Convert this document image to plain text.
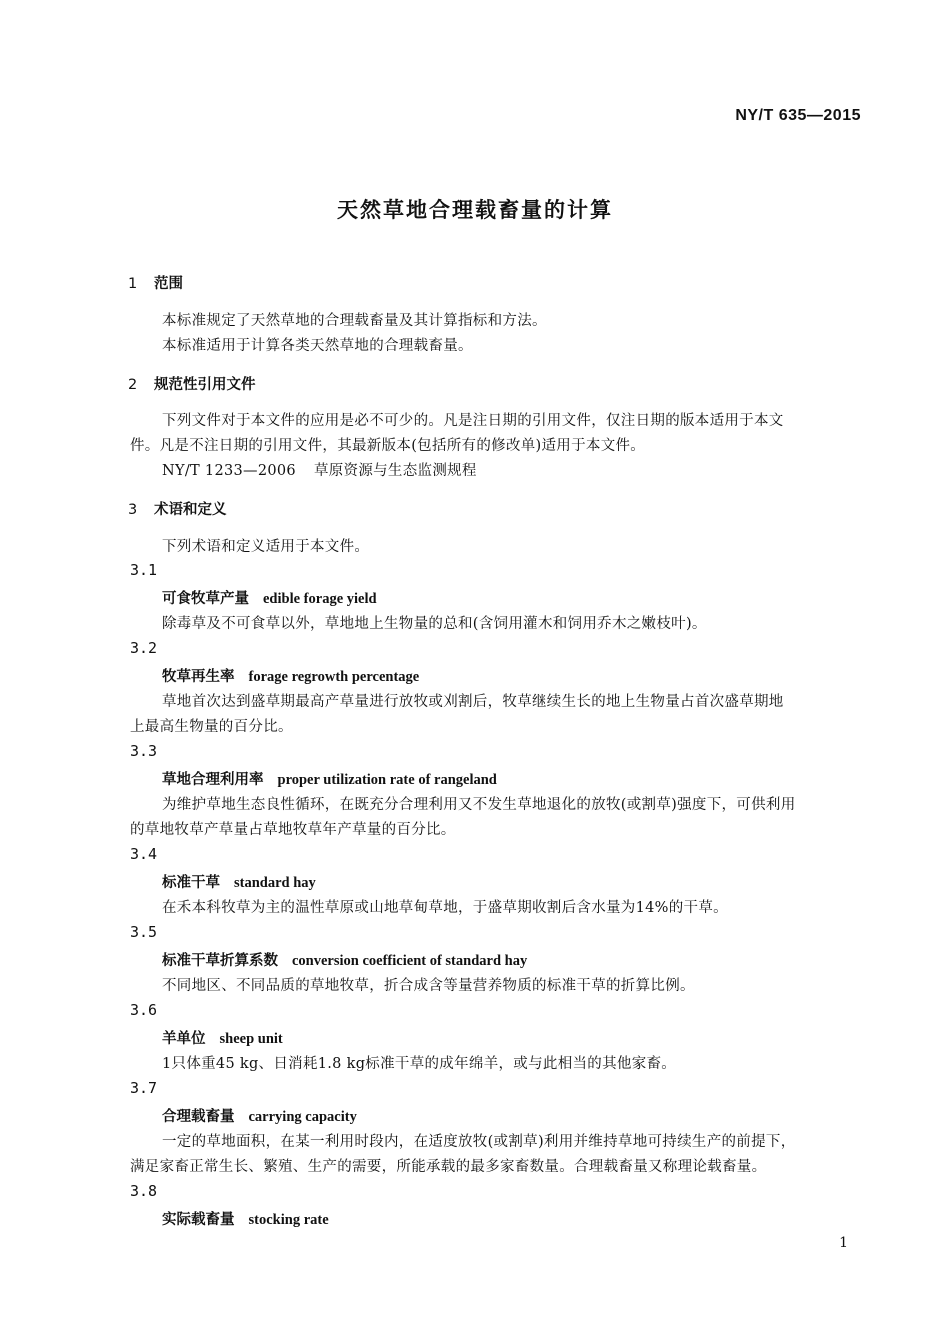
NY/T 635—2015
天然草地合理载畜量的计算
1 范围
本标准规定了天然草地的合理载畜量及其计算指标和方法。
本标准适用于计算各类天然草地的合理载畜量。
2 规范性引用文件
下列文件对于本文件的应用是必不可少的。凡是注日期的引用文件，仅注日期的版本适用于本文
件。凡是不注日期的引用文件，其最新版本(包括所有的修改单)适用于本文件。
NY/T 1233—2006 草原资源与生态监测规程
3 术语和定义
下列术语和定义适用于本文件。
3.1
可食牧草产量 edible forage yield
除毒草及不可食草以外，草地地上生物量的总和(含饲用灌木和饲用乔木之嫩枝叶)。
3.2
牧草再生率 forage regrowth percentage
草地首次达到盛草期最高产草量进行放牧或刈割后，牧草继续生长的地上生物量占首次盛草期地
上最高生物量的百分比。
3.3
草地合理利用率 proper utilization rate of rangeland
为维护草地生态良性循环，在既充分合理利用又不发生草地退化的放牧(或割草)强度下，可供利用
的草地牧草产草量占草地牧草年产草量的百分比。
3.4
标准干草 standard hay
在禾本科牧草为主的温性草原或山地草甸草地，于盛草期收割后含水量为14%的干草。
3.5
标准干草折算系数 conversion coefficient of standard hay
不同地区、不同品质的草地牧草，折合成含等量营养物质的标准干草的折算比例。
3.6
羊单位 sheep unit
1只体重45 kg、日消耗1.8 kg标准干草的成年绵羊，或与此相当的其他家畜。
3.7
合理载畜量 carrying capacity
一定的草地面积，在某一利用时段内，在适度放牧(或割草)利用并维持草地可持续生产的前提下，
满足家畜正常生长、繁殖、生产的需要，所能承载的最多家畜数量。合理载畜量又称理论载畜量。
3.8
实际载畜量 stocking rate
1
